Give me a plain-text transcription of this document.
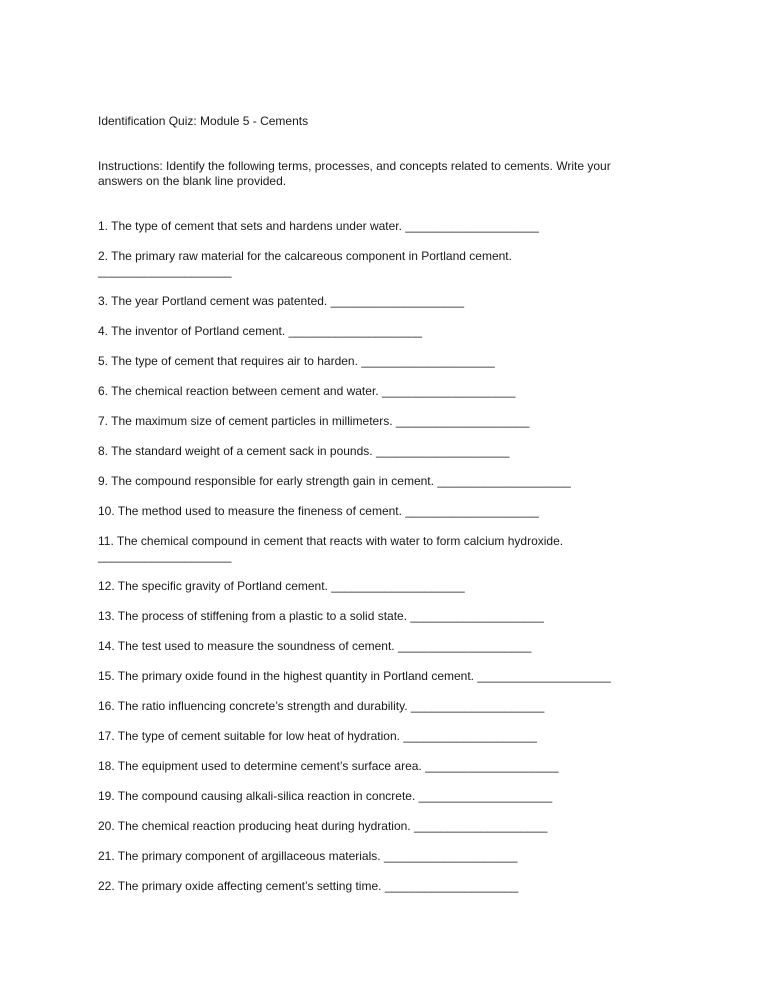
Identification Quiz: Module 5 - Cements
Instructions: Identify the following terms, processes, and concepts related to cements. Write your answers on the blank line provided.
1. The type of cement that sets and hardens under water. ____________________
2. The primary raw material for the calcareous component in Portland cement.
____________________
3. The year Portland cement was patented. ____________________
4. The inventor of Portland cement. ____________________
5. The type of cement that requires air to harden. ____________________
6. The chemical reaction between cement and water. ____________________
7. The maximum size of cement particles in millimeters. ____________________
8. The standard weight of a cement sack in pounds. ____________________
9. The compound responsible for early strength gain in cement. ____________________
10. The method used to measure the fineness of cement. ____________________
11. The chemical compound in cement that reacts with water to form calcium hydroxide.
____________________
12. The specific gravity of Portland cement. ____________________
13. The process of stiffening from a plastic to a solid state. ____________________
14. The test used to measure the soundness of cement. ____________________
15. The primary oxide found in the highest quantity in Portland cement. ____________________
16. The ratio influencing concrete’s strength and durability. ____________________
17. The type of cement suitable for low heat of hydration. ____________________
18. The equipment used to determine cement’s surface area. ____________________
19. The compound causing alkali-silica reaction in concrete. ____________________
20. The chemical reaction producing heat during hydration. ____________________
21. The primary component of argillaceous materials. ____________________
22. The primary oxide affecting cement’s setting time. ____________________
